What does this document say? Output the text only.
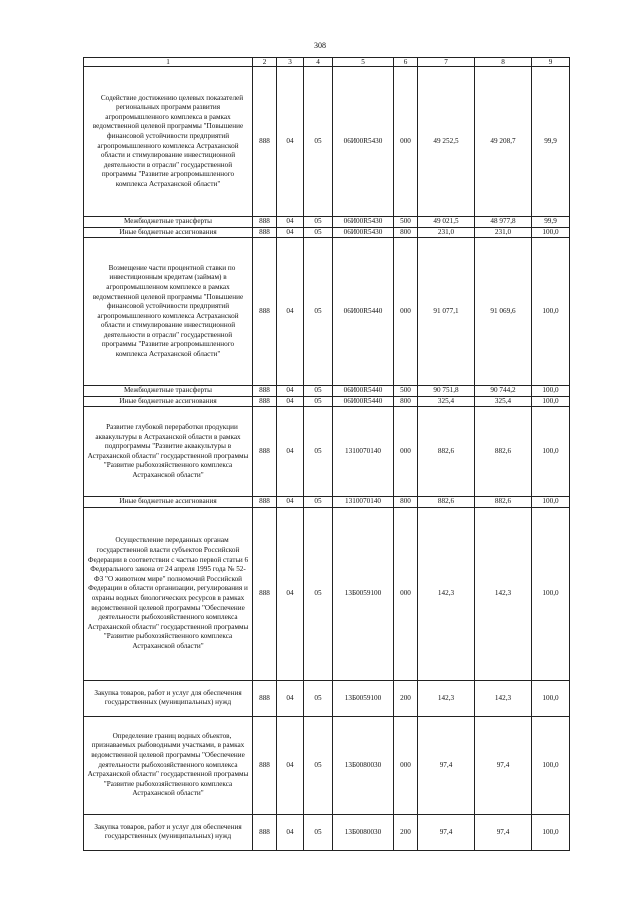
308
1	2	3	4	5	6	7	8	9

Содействие достижению целевых показателей региональных программ развития агропромышленного комплекса в рамках ведомственной целевой программы "Повышение финансовой устойчивости предприятий агропромышленного комплекса Астраханской области и стимулирование инвестиционной деятельности в отрасли" государственной программы "Развитие агропромышленного комплекса Астраханской области"	888	04	05	06И00R5430	000	49 252,5	49 208,7	99,9
Межбюджетные трансферты	888	04	05	06И00R5430	500	49 021,5	48 977,8	99,9
Иные бюджетные ассигнования	888	04	05	06И00R5430	800	231,0	231,0	100,0

Возмещение части процентной ставки по инвестиционным кредитам (займам) в агропромышленном комплексе в рамках ведомственной целевой программы "Повышение финансовой устойчивости предприятий агропромышленного комплекса Астраханской области и стимулирование инвестиционной деятельности в отрасли" государственной программы "Развитие агропромышленного комплекса Астраханской области"	888	04	05	06И00R5440	000	91 077,1	91 069,6	100,0
Межбюджетные трансферты	888	04	05	06И00R5440	500	90 751,8	90 744,2	100,0
Иные бюджетные ассигнования	888	04	05	06И00R5440	800	325,4	325,4	100,0

Развитие глубокой переработки продукции аквакультуры в Астраханской области в рамках подпрограммы "Развитие аквакультуры в Астраханской области" государственной программы "Развитие рыбохозяйственного комплекса Астраханской области"	888	04	05	1310070140	000	882,6	882,6	100,0
Иные бюджетные ассигнования	888	04	05	1310070140	800	882,6	882,6	100,0

Осуществление переданных органам государственной власти субъектов Российской Федерации в соответствии с частью первой статьи 6 Федерального закона от 24 апреля 1995 года № 52-ФЗ "О животном мире" полномочий Российской Федерации в области организации, регулирования и охраны водных биологических ресурсов в рамках ведомственной целевой программы "Обеспечение деятельности рыбохозяйственного комплекса Астраханской области" государственной программы "Развитие рыбохозяйственного комплекса Астраханской области"	888	04	05	13Б0059100	000	142,3	142,3	100,0
Закупка товаров, работ и услуг для обеспечения государственных (муниципальных) нужд	888	04	05	13Б0059100	200	142,3	142,3	100,0

Определение границ водных объектов, признаваемых рыбоводными участками, в рамках ведомственной целевой программы "Обеспечение деятельности рыбохозяйственного комплекса Астраханской области" государственной программы "Развитие рыбохозяйственного комплекса Астраханской области"	888	04	05	13Б0080030	000	97,4	97,4	100,0
Закупка товаров, работ и услуг для обеспечения государственных (муниципальных) нужд	888	04	05	13Б0080030	200	97,4	97,4	100,0
